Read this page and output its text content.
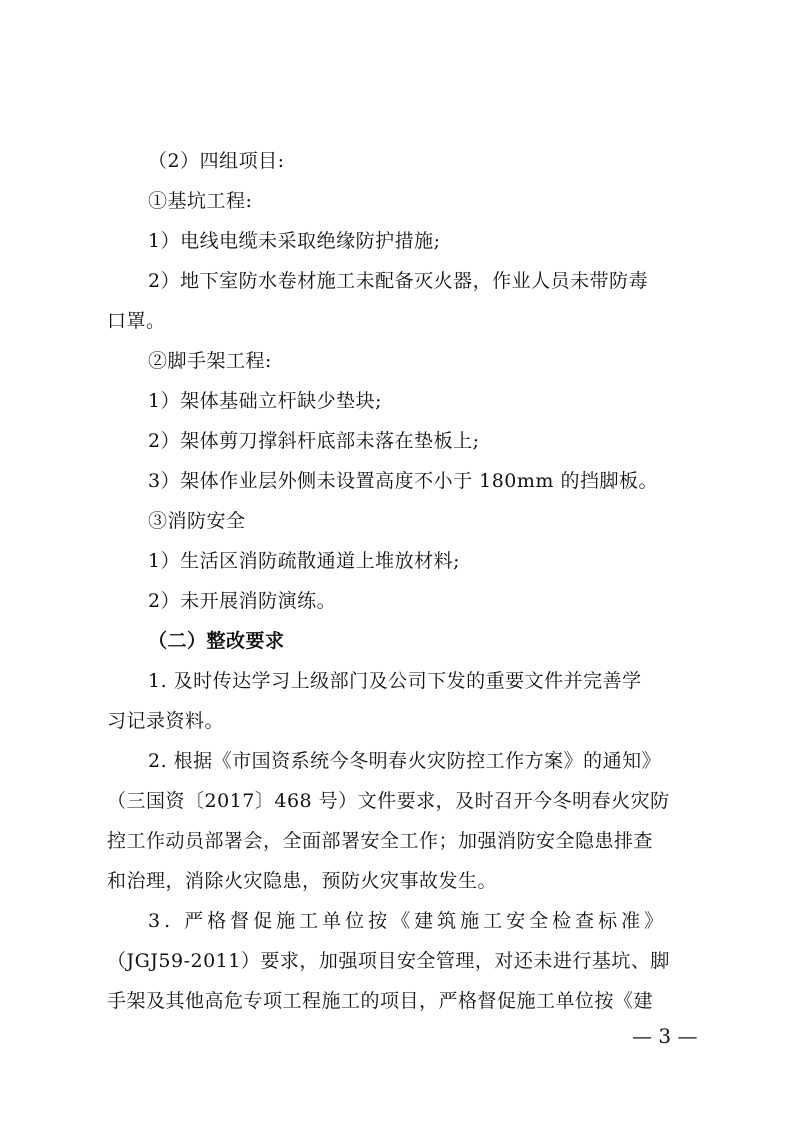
（2）四组项目:
①基坑工程:
1）电线电缆未采取绝缘防护措施;
2）地下室防水卷材施工未配备灭火器，作业人员未带防毒
口罩。
②脚手架工程:
1）架体基础立杆缺少垫块;
2）架体剪刀撑斜杆底部未落在垫板上;
3）架体作业层外侧未设置高度不小于 180mm 的挡脚板。
③消防安全
1）生活区消防疏散通道上堆放材料;
2）未开展消防演练。
（二）整改要求
1. 及时传达学习上级部门及公司下发的重要文件并完善学
习记录资料。
2. 根据《市国资系统今冬明春火灾防控工作方案》的通知》
（三国资〔2017〕468 号）文件要求，及时召开今冬明春火灾防
控工作动员部署会，全面部署安全工作；加强消防安全隐患排查
和治理，消除火灾隐患，预防火灾事故发生。
3. 严格督促施工单位按《建筑施工安全检查标准》
（JGJ59-2011）要求，加强项目安全管理，对还未进行基坑、脚
手架及其他高危专项工程施工的项目，严格督促施工单位按《建
— 3 —
